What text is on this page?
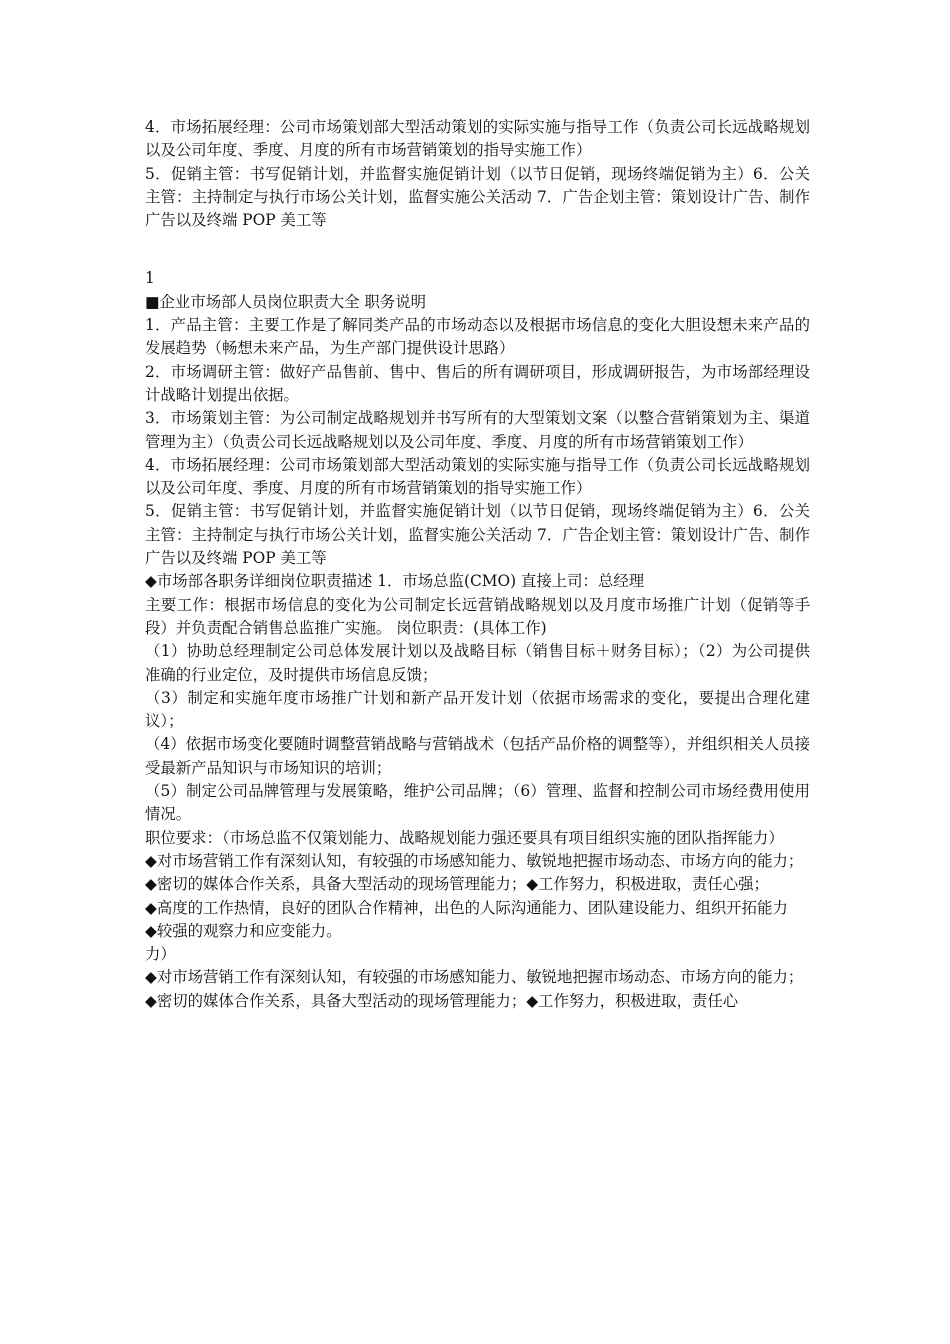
4．市场拓展经理：公司市场策划部大型活动策划的实际实施与指导工作（负责公司长远战略规划以及公司年度、季度、月度的所有市场营销策划的指导实施工作）

5．促销主管：书写促销计划，并监督实施促销计划（以节日促销，现场终端促销为主）6．公关主管：主持制定与执行市场公关计划，监督实施公关活动 7．广告企划主管：策划设计广告、制作广告以及终端 POP 美工等

1

■企业市场部人员岗位职责大全 职务说明

1．产品主管：主要工作是了解同类产品的市场动态以及根据市场信息的变化大胆设想未来产品的发展趋势（畅想未来产品，为生产部门提供设计思路）

2．市场调研主管：做好产品售前、售中、售后的所有调研项目，形成调研报告，为市场部经理设计战略计划提出依据。

3．市场策划主管：为公司制定战略规划并书写所有的大型策划文案（以整合营销策划为主、渠道管理为主）（负责公司长远战略规划以及公司年度、季度、月度的所有市场营销策划工作）

4．市场拓展经理：公司市场策划部大型活动策划的实际实施与指导工作（负责公司长远战略规划以及公司年度、季度、月度的所有市场营销策划的指导实施工作）

5．促销主管：书写促销计划，并监督实施促销计划（以节日促销，现场终端促销为主）6．公关主管：主持制定与执行市场公关计划，监督实施公关活动 7．广告企划主管：策划设计广告、制作广告以及终端 POP 美工等

◆市场部各职务详细岗位职责描述 1．市场总监(CMO) 直接上司：总经理

主要工作：根据市场信息的变化为公司制定长远营销战略规划以及月度市场推广计划（促销等手段）并负责配合销售总监推广实施。 岗位职责：(具体工作)

（1）协助总经理制定公司总体发展计划以及战略目标（销售目标＋财务目标）；（2）为公司提供准确的行业定位，及时提供市场信息反馈；

（3）制定和实施年度市场推广计划和新产品开发计划（依据市场需求的变化，要提出合理化建议）；

（4）依据市场变化要随时调整营销战略与营销战术（包括产品价格的调整等），并组织相关人员接受最新产品知识与市场知识的培训；

（5）制定公司品牌管理与发展策略，维护公司品牌；（6）管理、监督和控制公司市场经费用使用情况。

职位要求：（市场总监不仅策划能力、战略规划能力强还要具有项目组织实施的团队指挥能力）

◆对市场营销工作有深刻认知，有较强的市场感知能力、敏锐地把握市场动态、市场方向的能力；

◆密切的媒体合作关系，具备大型活动的现场管理能力；◆工作努力，积极进取，责任心强；

◆高度的工作热情，良好的团队合作精神，出色的人际沟通能力、团队建设能力、组织开拓能力

◆较强的观察力和应变能力。

力）

◆对市场营销工作有深刻认知，有较强的市场感知能力、敏锐地把握市场动态、市场方向的能力；

◆密切的媒体合作关系，具备大型活动的现场管理能力；◆工作努力，积极进取，责任心
